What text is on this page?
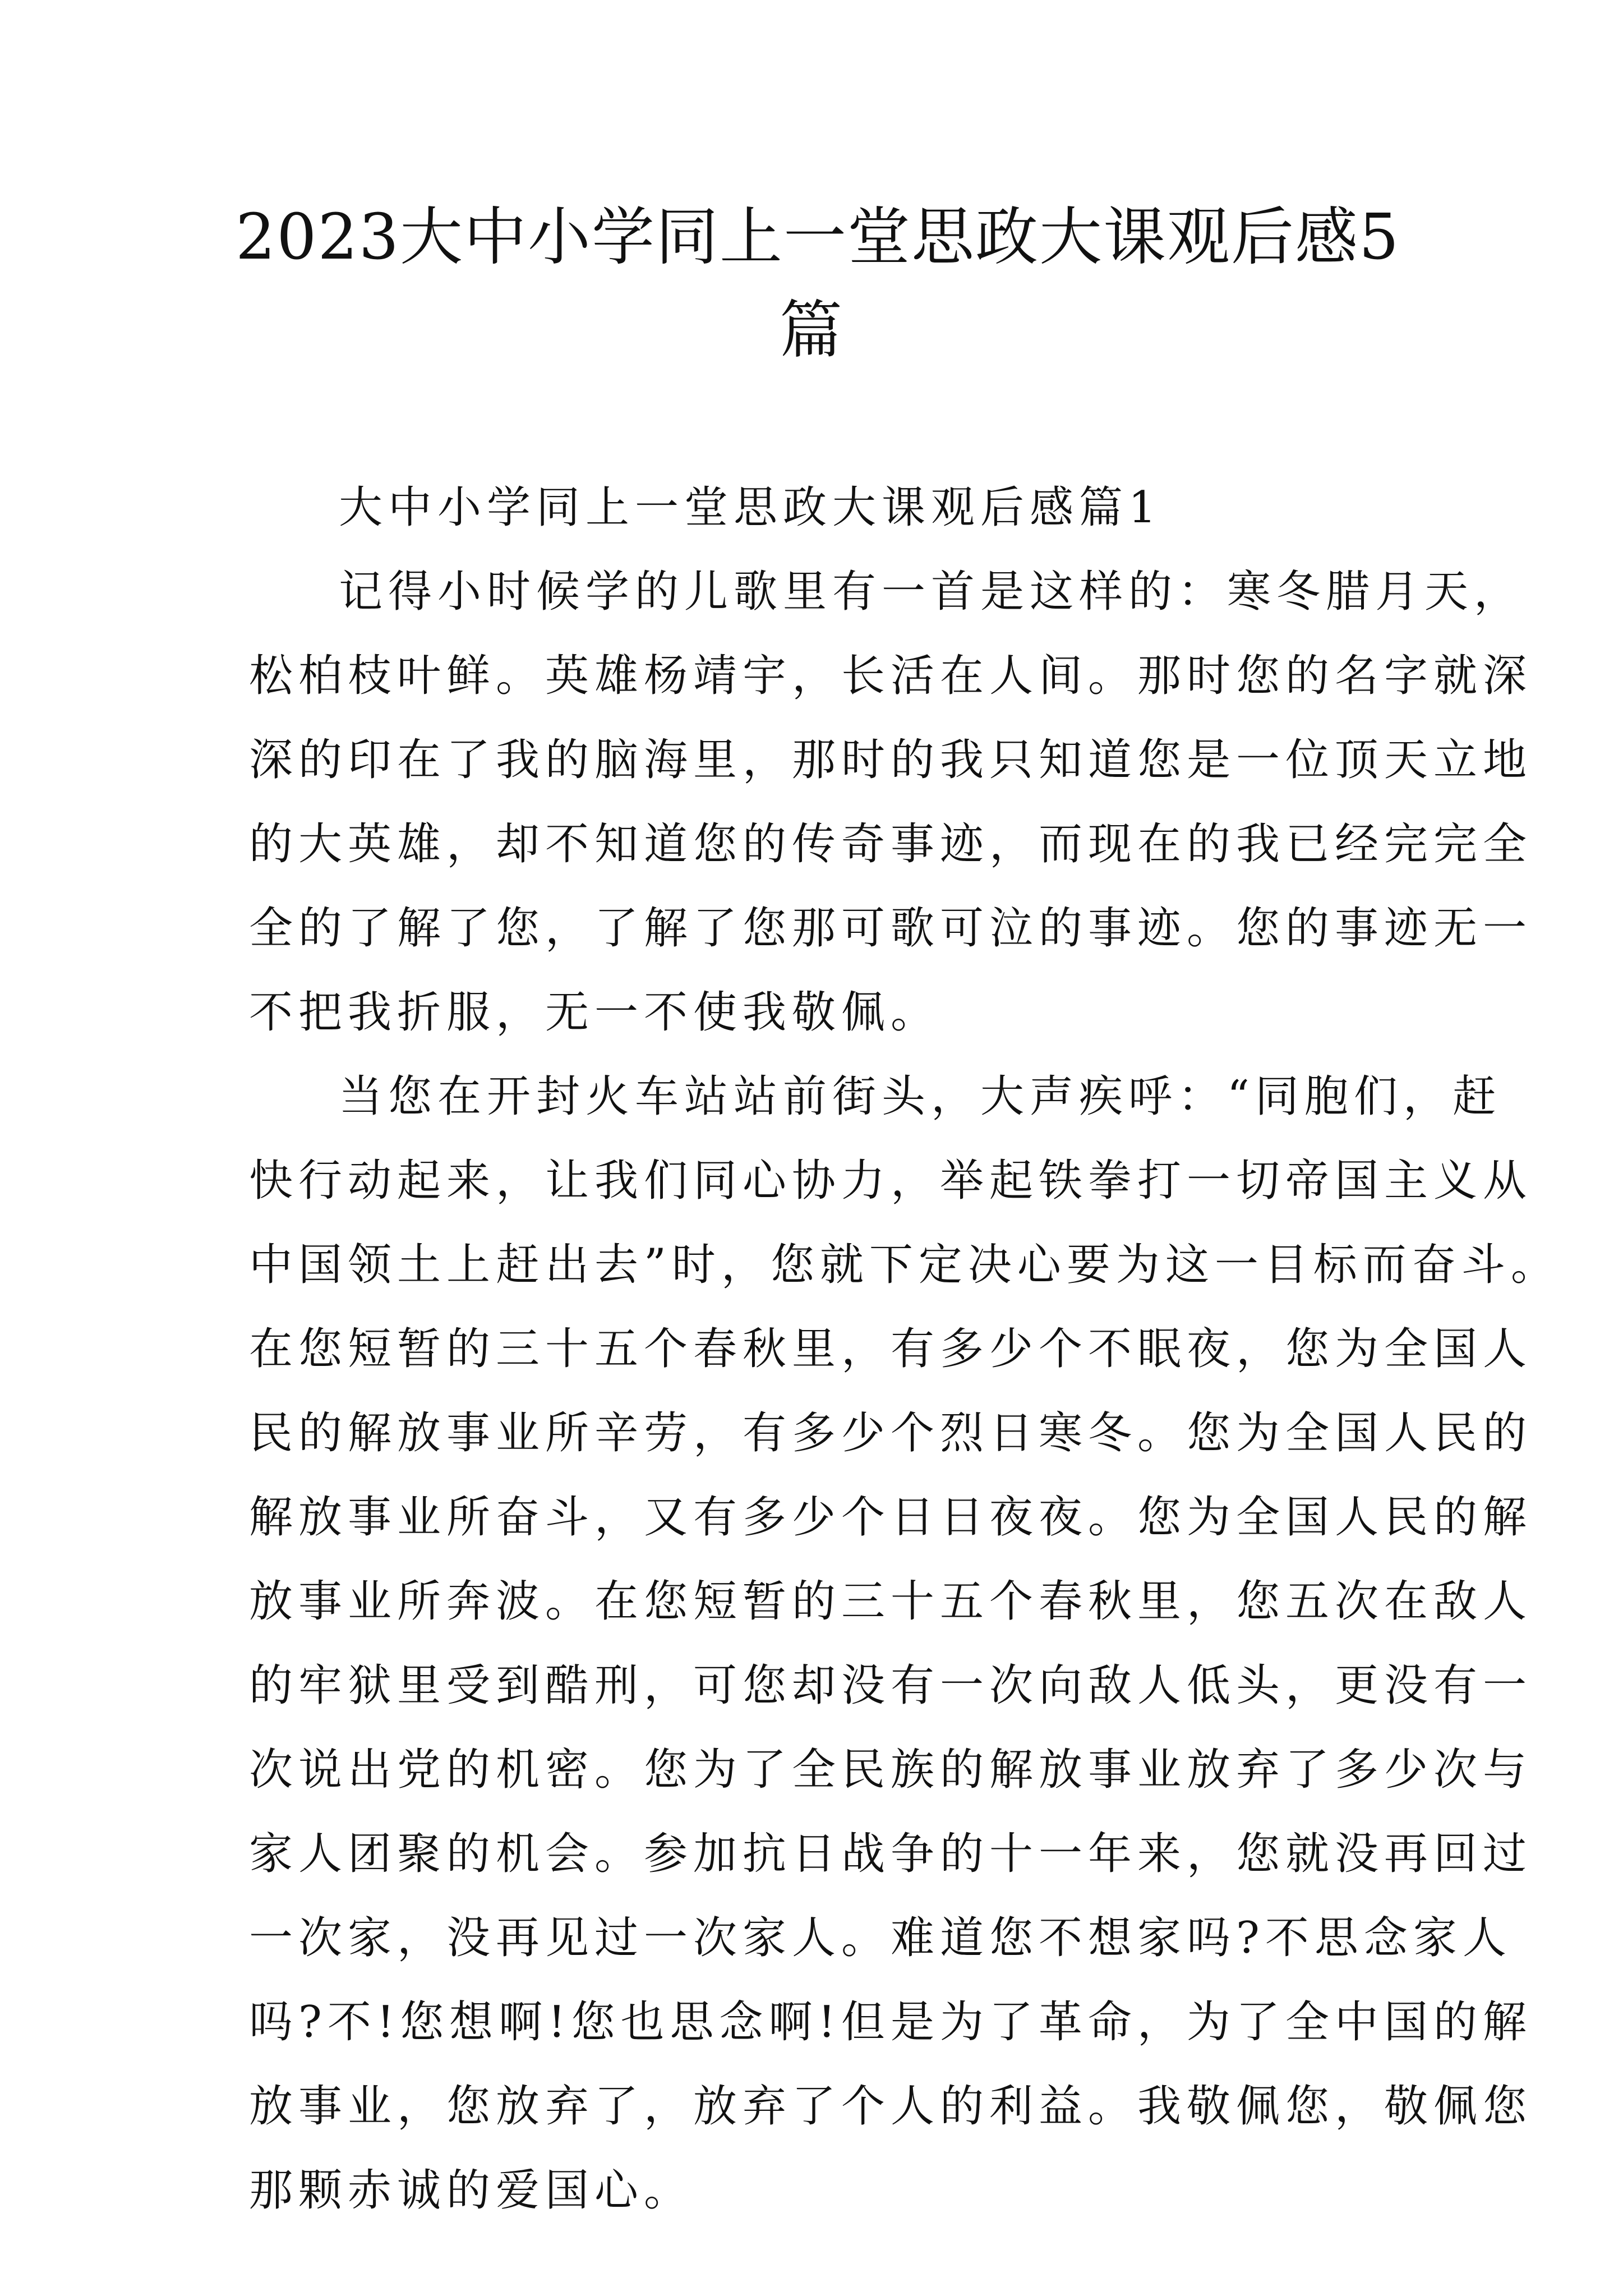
2023大中小学同上一堂思政大课观后感5
篇

大中小学同上一堂思政大课观后感篇1

记得小时候学的儿歌里有一首是这样的：寒冬腊月天，
松柏枝叶鲜。英雄杨靖宇，长活在人间。那时您的名字就深
深的印在了我的脑海里，那时的我只知道您是一位顶天立地
的大英雄，却不知道您的传奇事迹，而现在的我已经完完全
全的了解了您，了解了您那可歌可泣的事迹。您的事迹无一
不把我折服，无一不使我敬佩。

当您在开封火车站站前街头，大声疾呼：“同胞们，赶
快行动起来，让我们同心协力，举起铁拳打一切帝国主义从
中国领土上赶出去”时，您就下定决心要为这一目标而奋斗。
在您短暂的三十五个春秋里，有多少个不眠夜，您为全国人
民的解放事业所辛劳，有多少个烈日寒冬。您为全国人民的
解放事业所奋斗，又有多少个日日夜夜。您为全国人民的解
放事业所奔波。在您短暂的三十五个春秋里，您五次在敌人
的牢狱里受到酷刑，可您却没有一次向敌人低头，更没有一
次说出党的机密。您为了全民族的解放事业放弃了多少次与
家人团聚的机会。参加抗日战争的十一年来，您就没再回过
一次家，没再见过一次家人。难道您不想家吗?不思念家人
吗?不!您想啊!您也思念啊!但是为了革命，为了全中国的解
放事业，您放弃了，放弃了个人的利益。我敬佩您，敬佩您
那颗赤诚的爱国心。
